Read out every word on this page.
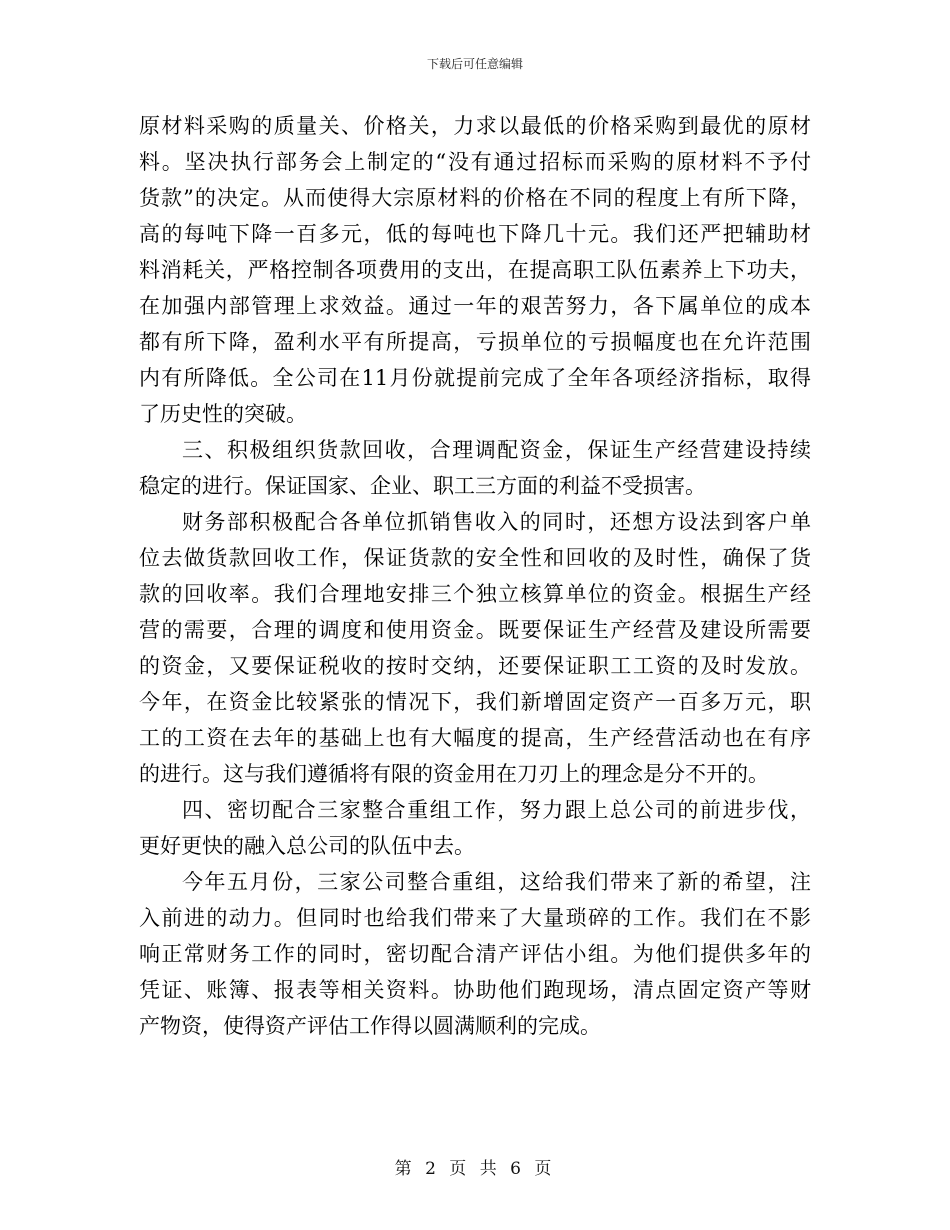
下载后可任意编辑
原材料采购的质量关、价格关，力求以最低的价格采购到最优的原材
料。坚决执行部务会上制定的“没有通过招标而采购的原材料不予付
货款”的决定。从而使得大宗原材料的价格在不同的程度上有所下降，
高的每吨下降一百多元，低的每吨也下降几十元。我们还严把辅助材
料消耗关，严格控制各项费用的支出，在提高职工队伍素养上下功夫，
在加强内部管理上求效益。通过一年的艰苦努力，各下属单位的成本
都有所下降，盈利水平有所提高，亏损单位的亏损幅度也在允许范围
内有所降低。全公司在11月份就提前完成了全年各项经济指标，取得
了历史性的突破。
三、积极组织货款回收，合理调配资金，保证生产经营建设持续
稳定的进行。保证国家、企业、职工三方面的利益不受损害。
财务部积极配合各单位抓销售收入的同时，还想方设法到客户单
位去做货款回收工作，保证货款的安全性和回收的及时性，确保了货
款的回收率。我们合理地安排三个独立核算单位的资金。根据生产经
营的需要，合理的调度和使用资金。既要保证生产经营及建设所需要
的资金，又要保证税收的按时交纳，还要保证职工工资的及时发放。
今年，在资金比较紧张的情况下，我们新增固定资产一百多万元，职
工的工资在去年的基础上也有大幅度的提高，生产经营活动也在有序
的进行。这与我们遵循将有限的资金用在刀刃上的理念是分不开的。
四、密切配合三家整合重组工作，努力跟上总公司的前进步伐，
更好更快的融入总公司的队伍中去。
今年五月份，三家公司整合重组，这给我们带来了新的希望，注
入前进的动力。但同时也给我们带来了大量琐碎的工作。我们在不影
响正常财务工作的同时，密切配合清产评估小组。为他们提供多年的
凭证、账簿、报表等相关资料。协助他们跑现场，清点固定资产等财
产物资，使得资产评估工作得以圆满顺利的完成。
第 2 页 共 6 页
